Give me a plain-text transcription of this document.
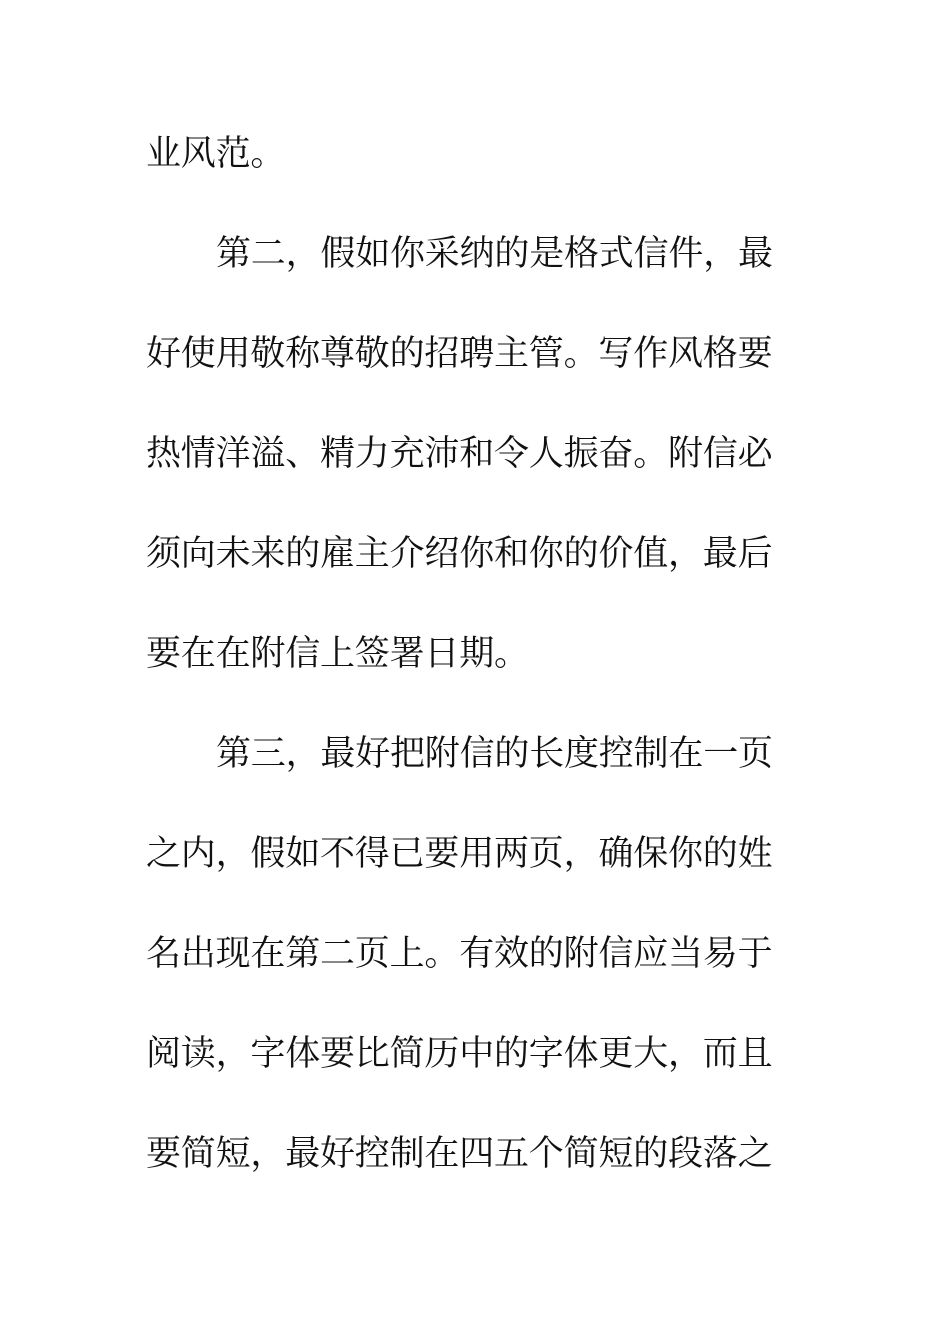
业风范。
第二，假如你采纳的是格式信件，最
好使用敬称尊敬的招聘主管。写作风格要
热情洋溢、精力充沛和令人振奋。附信必
须向未来的雇主介绍你和你的价值，最后
要在在附信上签署日期。
第三，最好把附信的长度控制在一页
之内，假如不得已要用两页，确保你的姓
名出现在第二页上。有效的附信应当易于
阅读，字体要比简历中的字体更大，而且
要简短，最好控制在四五个简短的段落之
